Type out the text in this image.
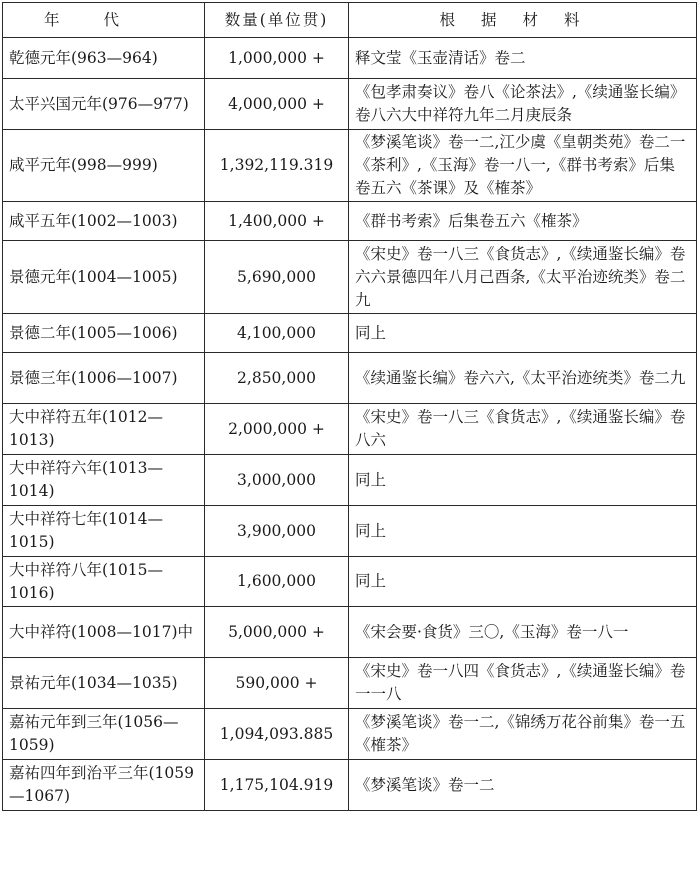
年代	数量(单位贯)	根据材料
乾德元年(963—964)	1,000,000 +	释文莹《玉壶清话》卷二
太平兴国元年(976—977)	4,000,000 +	《包孝肃奏议》卷八《论茶法》,《续通鉴长编》卷八六大中祥符九年二月庚辰条
咸平元年(998—999)	1,392,119.319	《梦溪笔谈》卷一二,江少虞《皇朝类苑》卷二一《茶利》,《玉海》卷一八一,《群书考索》后集卷五六《茶课》及《榷茶》
咸平五年(1002—1003)	1,400,000 +	《群书考索》后集卷五六《榷茶》
景德元年(1004—1005)	5,690,000	《宋史》卷一八三《食货志》,《续通鉴长编》卷六六景德四年八月己酉条,《太平治迹统类》卷二九
景德二年(1005—1006)	4,100,000	同上
景德三年(1006—1007)	2,850,000	《续通鉴长编》卷六六,《太平治迹统类》卷二九
大中祥符五年(1012—1013)	2,000,000 +	《宋史》卷一八三《食货志》,《续通鉴长编》卷八六
大中祥符六年(1013—1014)	3,000,000	同上
大中祥符七年(1014—1015)	3,900,000	同上
大中祥符八年(1015—1016)	1,600,000	同上
大中祥符(1008—1017)中	5,000,000 +	《宋会要·食货》三〇,《玉海》卷一八一
景祐元年(1034—1035)	590,000 +	《宋史》卷一八四《食货志》,《续通鉴长编》卷一一八
嘉祐元年到三年(1056—1059)	1,094,093.885	《梦溪笔谈》卷一二,《锦绣万花谷前集》卷一五《榷茶》
嘉祐四年到治平三年(1059—1067)	1,175,104.919	《梦溪笔谈》卷一二
